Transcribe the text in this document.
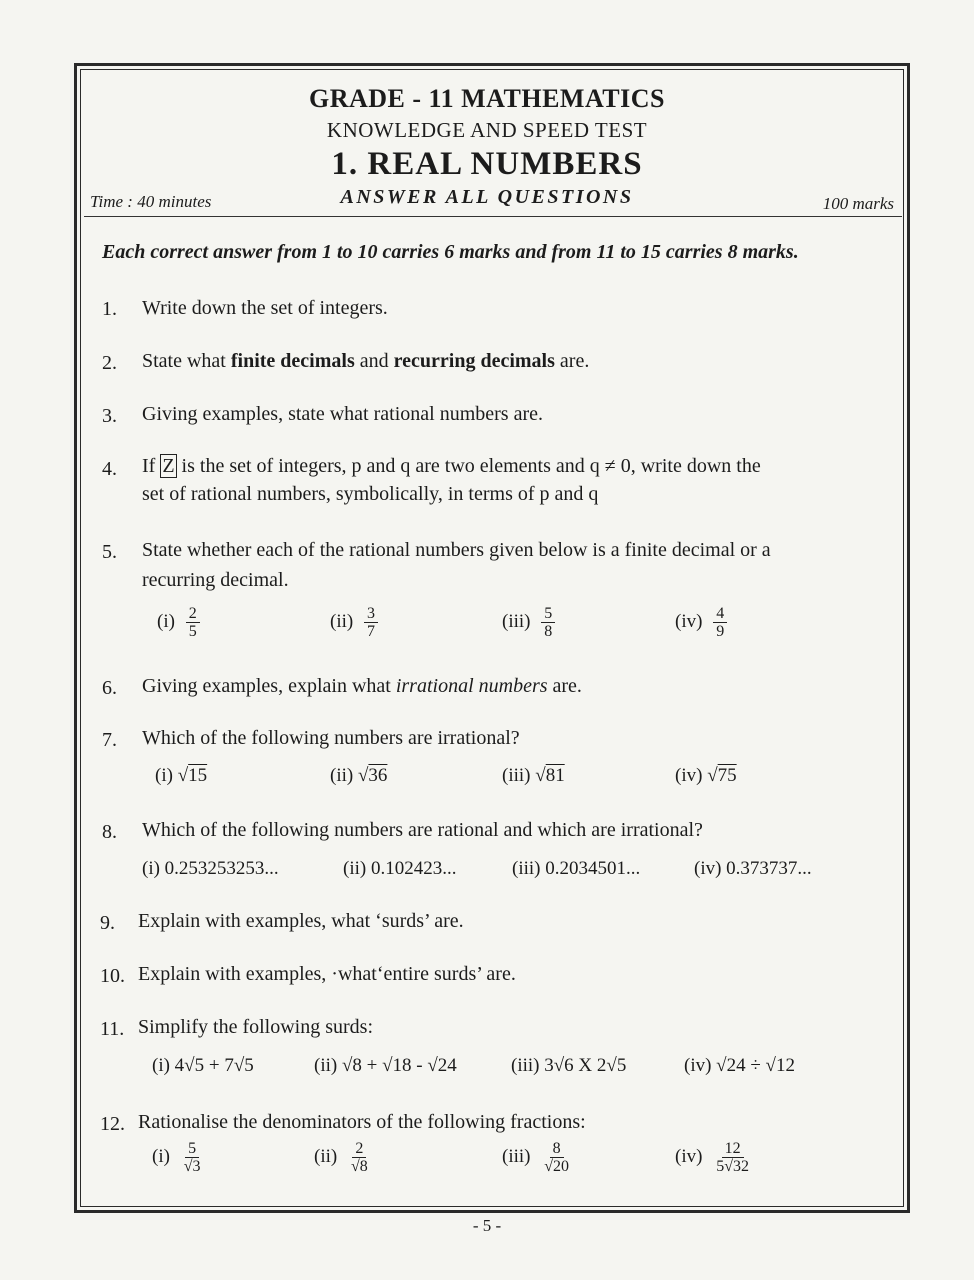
GRADE - 11 MATHEMATICS
KNOWLEDGE AND SPEED TEST
1. REAL NUMBERS
ANSWER ALL QUESTIONS
Time : 40 minutes	100 marks
Each correct answer from 1 to 10 carries 6 marks and from 11 to 15 carries 8 marks.
1. Write down the set of integers.
2. State what finite decimals and recurring decimals are.
3. Giving examples, state what rational numbers are.
4. If Z is the set of integers, p and q are two elements and q ≠ 0, write down the
set of rational numbers, symbolically, in terms of p and q
5. State whether each of the rational numbers given below is a finite decimal or a
recurring decimal.
$(i) \frac{2}{5}$	$(ii) \frac{3}{7}$	$(iii) \frac{5}{8}$	$(iv) \frac{4}{9}$
6. Giving examples, explain what irrational numbers are.
7. Which of the following numbers are irrational?
(i) √15	(ii) √36	(iii) √81	(iv) √75
8. Which of the following numbers are rational and which are irrational?
(i) 0.253253253...	(ii) 0.102423...	(iii) 0.2034501...	(iv) 0.373737...
9. Explain with examples, what ‘surds’ are.
10. Explain with examples, ·what‘entire surds’ are.
11. Simplify the following surds:
(i) 4√5 + 7√5	(ii) √8 + √18 - √24	(iii) 3√6 X 2√5	(iv) √24 ÷ √12
12. Rationalise the denominators of the following fractions:
$(i) \frac{5}{√3}$	$(ii) \frac{2}{√8}$	$(iii) \frac{8}{√20}$	$(iv) \frac{12}{5√32}$
- 5 -
